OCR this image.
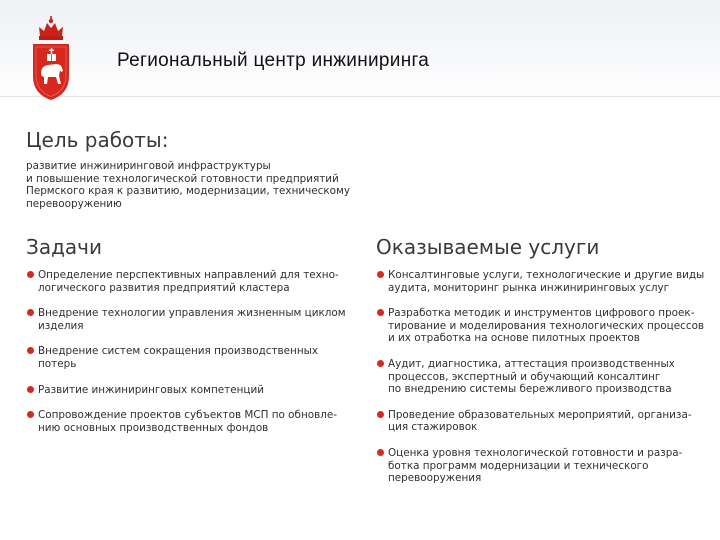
Региональный центр инжиниринга
Цель работы:
развитие инжиниринговой инфраструктуры
и повышение технологической готовности предприятий
Пермского края к развитию, модернизации, техническому
перевооружению
Задачи	Оказываемые услуги
Определение перспективных направлений для техно-
логического развития предприятий кластера
Внедрение технологии управления жизненным циклом
изделия
Внедрение систем сокращения производственных
потерь
Развитие инжиниринговых компетенций
Сопровождение проектов субъектов МСП по обновле-
нию основных производственных фондов
Консалтинговые услуги, технологические и другие виды
аудита, мониторинг рынка инжиниринговых услуг
Разработка методик и инструментов цифрового проек-
тирование и моделирования технологических процессов
и их отработка на основе пилотных проектов
Аудит, диагностика, аттестация производственных
процессов, экспертный и обучающий консалтинг
по внедрению системы бережливого производства
Проведение образовательных мероприятий, организа-
ция стажировок
Оценка уровня технологической готовности и разра-
ботка программ модернизации и технического
перевооружения
